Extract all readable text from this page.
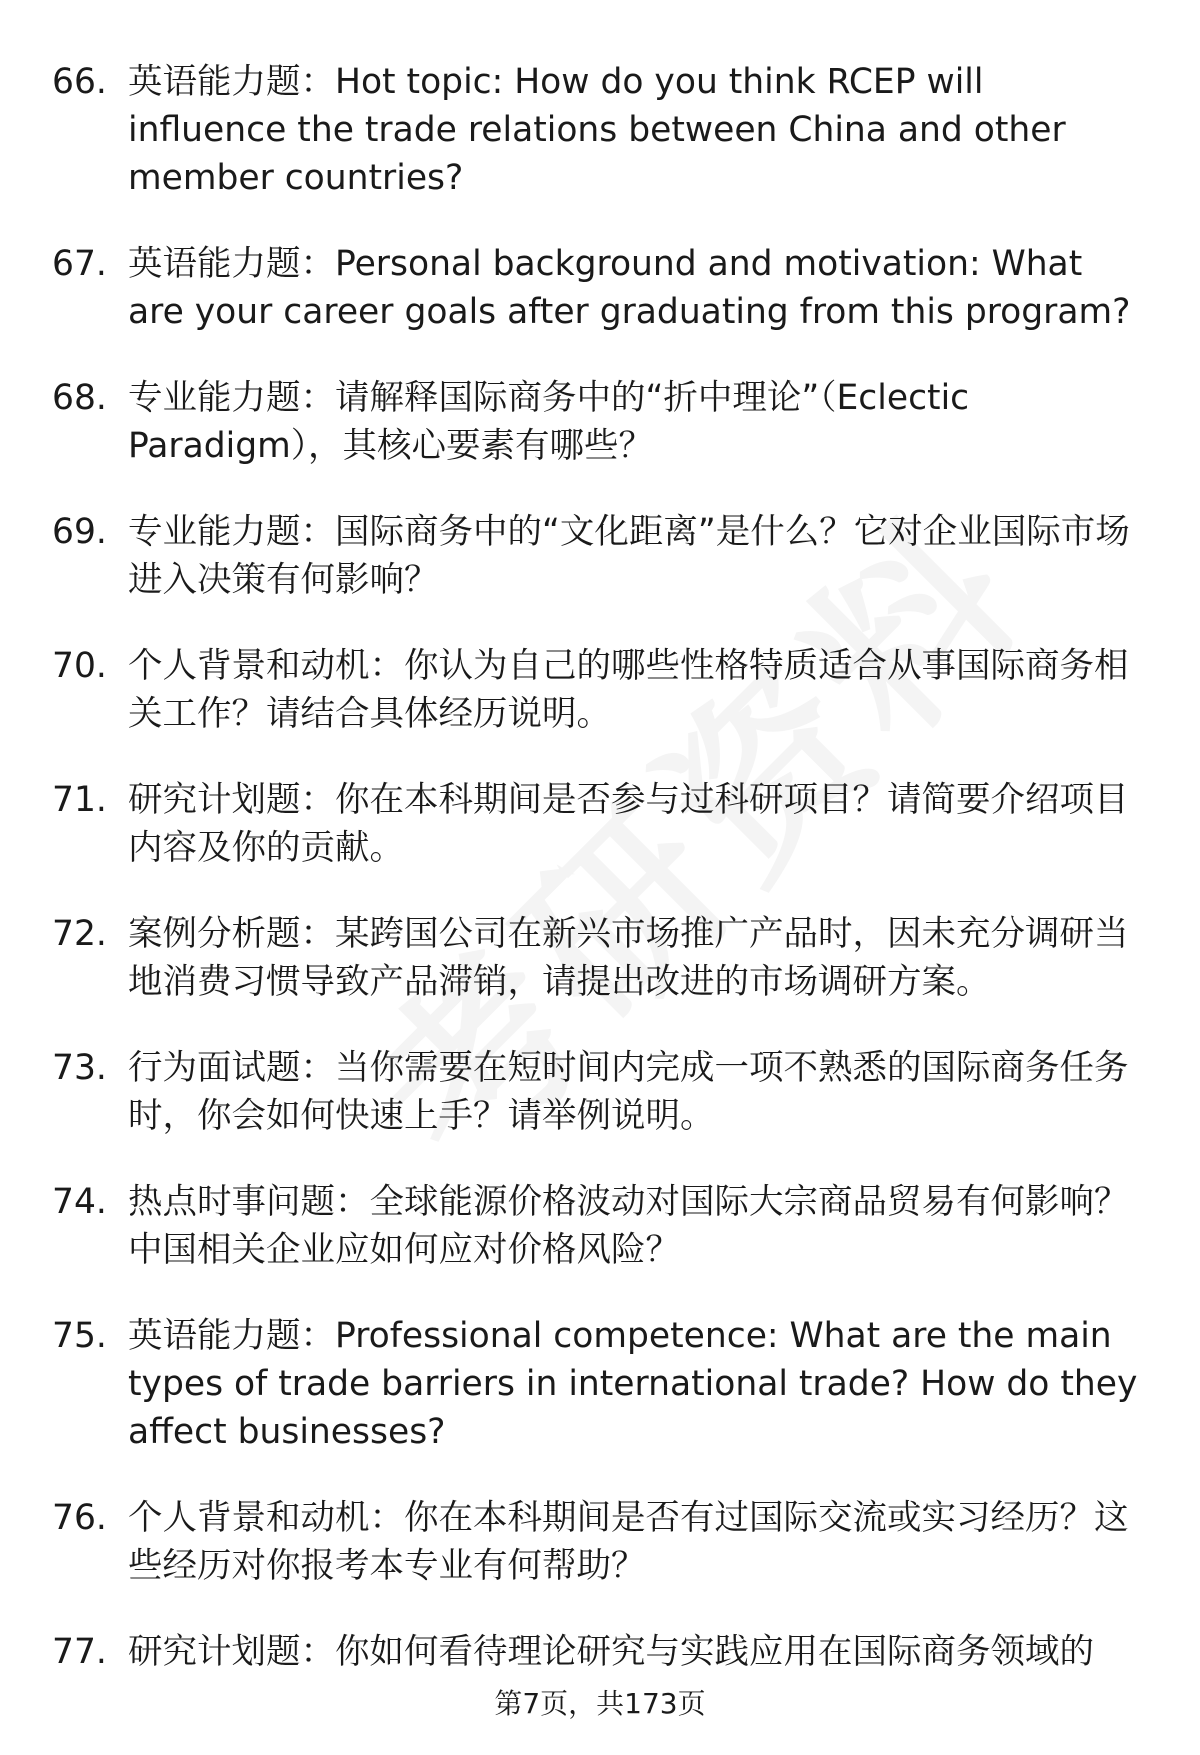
66. 英语能力题：Hot topic: How do you think RCEP will influence the trade relations between China and other member countries?
67. 英语能力题：Personal background and motivation: What are your career goals after graduating from this program?
68. 专业能力题：请解释国际商务中的“折中理论”（Eclectic Paradigm），其核心要素有哪些？
69. 专业能力题：国际商务中的“文化距离”是什么？它对企业国际市场进入决策有何影响？
70. 个人背景和动机：你认为自己的哪些性格特质适合从事国际商务相关工作？请结合具体经历说明。
71. 研究计划题：你在本科期间是否参与过科研项目？请简要介绍项目内容及你的贡献。
72. 案例分析题：某跨国公司在新兴市场推广产品时，因未充分调研当地消费习惯导致产品滞销，请提出改进的市场调研方案。
73. 行为面试题：当你需要在短时间内完成一项不熟悉的国际商务任务时，你会如何快速上手？请举例说明。
74. 热点时事问题：全球能源价格波动对国际大宗商品贸易有何影响？中国相关企业应如何应对价格风险？
75. 英语能力题：Professional competence: What are the main types of trade barriers in international trade? How do they affect businesses?
76. 个人背景和动机：你在本科期间是否有过国际交流或实习经历？这些经历对你报考本专业有何帮助？
77. 研究计划题：你如何看待理论研究与实践应用在国际商务领域的
第7页，共173页
